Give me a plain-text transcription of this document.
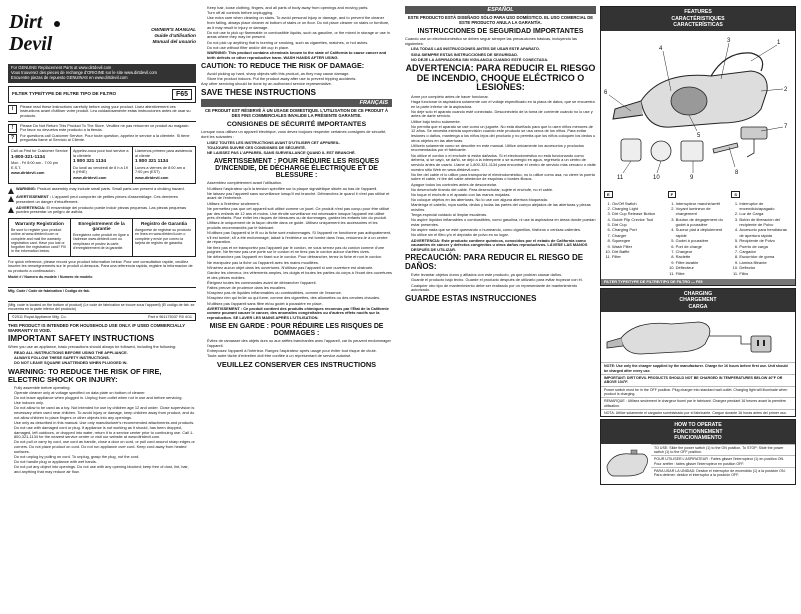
Dirt
Devil
OWNER'S MANUAL
Guide d'utilisation
Manual del usuario
For GENUINE Replacement Parts at www.dirtdevil.com
Vous trouverez des pieces de rechange d'ORIGINE sur le site www.dirtdevil.com
Encuentre piezas de repuesto GENUINAS en www.dirtdevil.com
FILTER TYPE/TYPE DE FILTRE TIPO DE FILTRO	F65
i	Please read these instructions carefully before using your product. Lisez attentivement ces instructions avant d'utiliser votre produit. Lea cuidadosamente estas instrucciones antes de usar su producto.

!	Please Do Not Return This Product To The Store. Veuillez ne pas retourner ce produit au magasin. Por favor no devuelva este producto a la tienda.

?	For questions call Customer Service. Pour toute question, appelez le service a la clientele. Si tiene preguntas llame al Servicio al Cliente.

Call us First for Customer Service

1-800-321-1134

Mon - Fri 8:00 am - 7:00 pm E.S.T.

www.dirtdevil.com

Appelez-nous pour tout service a la clientele

1 800 321 1134

Du lundi au vendredi de 8 h a 19 h (HNE)

www.dirtdevil.com

Llamenos primero para asistencia al cliente

1 800 321 1134

Lunes a viernes de 8:00 am a 7:00 pm (EST)

www.dirtdevil.com

WARNING: Product assembly may include small parts. Small parts can present a choking hazard.

AVERTISSEMENT : L'appareil peut comporter de petites pieces d'assemblage. Ces dernieres presentent un danger d'etouffement.

ADVERTENCIA: El ensamblaje del producto puede incluir piezas pequenas. Las piezas pequenas pueden presentar un peligro de asfixia.

Warranty Registration

Be sure to register your product online at www.dirtdevil.com or complete and mail the warranty registration card. Have you lost or forgotten the registration card? Fill in the information below.

Enregistrement de la garantie

Enregistrez votre produit en ligne a l'adresse www.dirtdevil.com ou remplissez et postez la carte d'enregistrement de la garantie.

Registro de Garantia

Asegurese de registrar su producto en linea en www.dirtdevil.com o complete y envie por correo la tarjeta de registro de garantia.

For quick reference, please record your product information below. Pour une consultation rapide, veuillez inscrire les renseignements sur le produit ci-dessous. Para una referencia rapida, registre la informacion de su producto a continuacion.

Model # / Numero du modele / Numero de modelo

Mfg. Code / Code de fabrication / Codigo de fab.

(Mfg. code is located on the bottom of product) (Le code de fabrication se trouve sous l'appareil) (El codigo de fab. se encuentra en la parte inferior del producto)

©2011 Royal Appliance Mfg. Co.	Part # 961175037 R0 4/11

THIS PRODUCT IS INTENDED FOR HOUSEHOLD USE ONLY. IF USED COMMERCIALLY WARRANTY IS VOID.

IMPORTANT SAFETY INSTRUCTIONS

When you use an appliance, basic precautions should always be followed, including the following:

• READ ALL INSTRUCTIONS BEFORE USING THE APPLIANCE.
• ALWAYS FOLLOW THESE SAFETY INSTRUCTIONS.
• DO NOT LEAVE SQUARE UNATTENDED WHEN PLUGGED IN.
WARNING: TO REDUCE THE RISK OF FIRE, ELECTRIC SHOCK OR INJURY:
• Fully assemble before operating.
• Operate cleaner only at voltage specified on data plate on bottom of cleaner.
• Do not leave appliance when plugged in. Unplug from outlet when not in use and before servicing.
• Use indoors only.
• Do not allow to be used as a toy. Not intended for use by children age 12 and under. Close supervision is necessary when used near children. To avoid injury or damage, keep children away from product, and do not allow children to place fingers or other objects into any openings.
• Use only as described in this manual. Use only manufacturer's recommended attachments and products.
• Do not use with damaged cord or plug. If appliance is not working as it should, has been dropped, damaged, left outdoors, or dropped into water, return it to a service center prior to continuing use. Call 1-800-321-1134 for the nearest service center or visit our website at www.dirtdevil.com.
• Do not pull or carry by cord, use cord as handle, close a door on cord, or pull cord around sharp edges or corners. Do not place product on cord. Do not run appliance over cord. Keep cord away from heated surfaces.
• Do not unplug by pulling on cord. To unplug, grasp the plug, not the cord.
• Do not handle plug or appliance with wet hands.
• Do not put any object into openings. Do not use with any opening blocked; keep free of dust, lint, hair, and anything that may reduce air flow.
• Keep hair, loose clothing, fingers, and all parts of body away from openings and moving parts.
• Turn off all controls before unplugging.
• Use extra care when cleaning on stairs. To avoid personal injury or damage, and to prevent the cleaner from falling, always place cleaner at bottom of stairs or on floor. Do not place cleaner on stairs or furniture, as it may result in injury or damage.
• Do not use to pick up flammable or combustible liquids, such as gasoline, or the mixed in storage or use in areas where they may be present.
• Do not pick up anything that is burning or smoking, such as cigarettes, matches, or hot ashes.
• Do not use without filter and/or dirt cup in place.
• WARNING: This product contains chemicals known to the state of California to cause cancer and birth defects or other reproductive harm. WASH HANDS AFTER USING.
CAUTION: TO REDUCE THE RISK OF DAMAGE:
• Avoid picking up hard, sharp objects with this product, as they may cause damage.
• Store the product indoors. Put the product away after use to prevent tripping accidents.

Any other servicing should be done by an authorized service representative.

SAVE THESE INSTRUCTIONS
FRANÇAIS

CE PRODUIT EST RÉSERVÉ À UN USAGE DOMESTIQUE. L'UTILISATION DE CE PRODUIT À DES FINS COMMERCIALES INVALIDE LA PRÉSENTE GARANTIE.

CONSIGNES DE SÉCURITÉ IMPORTANTES

Lorsque vous utilisez un appareil électrique, vous devez toujours respecter certaines consignes de sécurité, dont les suivantes :

• LISEZ TOUTES LES INSTRUCTIONS AVANT D'UTILISER CET APPAREIL.
• TOUJOURS SUIVRE CES CONSIGNES DE SÉCURITÉ.
• NE LAISSEZ PAS L'APPAREIL SANS SURVEILLANCE QUAND IL EST BRANCHÉ.
AVERTISSEMENT : POUR RÉDUIRE LES RISQUES D'INCENDIE, DE DÉCHARGE ÉLECTRIQUE ET DE BLESSURE :
• Assemblez complètement avant l'utilisation.
• N'utilisez l'aspirateur qu'à la tension spécifiée sur la plaque signalétique située au bas de l'appareil.
• Ne laissez pas l'appareil sans surveillance lorsqu'il est branché. Débranchez-le quand il n'est pas utilisé et avant de l'entretenir.
• Utilisez à l'intérieur seulement.
• Ne permettez pas que cet appareil soit utilisé comme un jouet. Ce produit n'est pas conçu pour être utilisé par des enfants de 12 ans et moins. Une étroite surveillance est nécessaire lorsque l'appareil est utilisé près d'enfants. Pour éviter les risques de blessures ou de dommages, gardez les enfants loin du produit.
• Utilisez-le uniquement de la façon décrite dans ce guide. Utilisez uniquement les accessoires et les produits recommandés par le fabricant.
• N'utilisez pas l'appareil si le fil ou la fiche sont endommagés. Si l'appareil ne fonctionne pas adéquatement, s'il est tombé, s'il a été endommagé, laissé à l'extérieur ou est tombé dans l'eau, retournez-le à un centre de réparation.
• Ne tirez pas et ne transportez pas l'appareil par le cordon, ne vous servez pas du cordon comme d'une poignée. Ne fermez pas une porte sur le cordon et ne tirez pas le cordon autour d'arêtes vives.
• Ne débranchez pas l'appareil en tirant sur le cordon. Pour débrancher, tenez la fiche et non le cordon.
• Ne manipulez pas la fiche ou l'appareil avec les mains mouillées.
• N'insérez aucun objet dans les ouvertures. N'utilisez pas l'appareil si une ouverture est obstruée.
• Gardez les cheveux, les vêtements amples, les doigts et toutes les parties du corps à l'écart des ouvertures et des pièces mobiles.
• Éteignez toutes les commandes avant de débrancher l'appareil.
• Faites preuve de prudence dans les escaliers.
• N'aspirez pas de liquides inflammables ou combustibles, comme de l'essence.
• N'aspirez rien qui brûle ou qui fume, comme des cigarettes, des allumettes ou des cendres chaudes.
• N'utilisez pas l'appareil sans filtre et/ou godet à poussière en place.
• AVERTISSEMENT : Ce produit contient des produits chimiques reconnus par l'État de la Californie comme pouvant causer le cancer, des anomalies congénitales ou d'autres effets nocifs sur la reproduction. SE LAVER LES MAINS APRÈS L'UTILISATION.
MISE EN GARDE : POUR RÉDUIRE LES RISQUES DE DOMMAGES :
• Évitez de ramasser des objets durs ou aux arêtes tranchantes avec l'appareil, car ils peuvent endommager l'appareil.
• Entreposez l'appareil à l'intérieur. Rangez l'aspirateur après usage pour éviter tout risque de chute.
• Toute autre tâche d'entretien doit être confiée à un représentant de service autorisé.
VEUILLEZ CONSERVER CES INSTRUCTIONS
ESPAÑOL

ESTE PRODUCTO ESTÁ DISEÑADO SÓLO PARA USO DOMÉSTICO. EL USO COMERCIAL DE ESTE PRODUCTO ANULA LA GARANTÍA.

INSTRUCCIONES DE SEGURIDAD IMPORTANTES

Cuando use un electrodoméstico se deben seguir siempre las precauciones básicas, incluyendo las siguientes:

• LEA TODAS LAS INSTRUCCIONES ANTES DE USAR ESTE APARATO.
• SIGA SIEMPRE ESTAS INSTRUCCIONES DE SEGURIDAD.
• NO DEJE LA ASPIRADORA SIN VIGILANCIA CUANDO ESTÉ CONECTADA.
ADVERTENCIA: PARA REDUCIR EL RIESGO DE INCENDIO, CHOQUE ELÉCTRICO O LESIONES:
• Arme por completo antes de hacer funcionar.
• Haga funcionar la aspiradora solamente con el voltaje especificado en la placa de datos, que se encuentra en la parte inferior de la aspiradora.
• No deje solo el aparato cuando esté conectado. Desconéctelo de la toma de corriente cuando no lo use y antes de darle servicio.
• Utilice bajo techo solamente.
• No permita que el aparato se use como un juguete. No está diseñado para que lo usen niños menores de 12 años. Se necesita estricta supervisión cuando este producto se usa cerca de los niños. Para evitar lesiones o daños, mantenga a los niños lejos del producto y no permita que los niños coloquen los dedos u otros objetos en las aberturas.
• Utilícelo solamente como se describe en este manual. Utilice únicamente los accesorios y productos recomendados por el fabricante.
• No utilice el cordón o el enchufe si están dañados. Si el electrodoméstico no está funcionando como debería, si se cayó, se dañó, se dejó a la intemperie o se sumergió en agua, regréselo a un centro de servicio antes de usarlo. Llame al 1-800-321-1134 para encontrar el centro de servicio más cercano o visite nuestro sitio Web en www.dirtdevil.com.
• No tire del cable ni lo utilice para transportar el electrodoméstico, no lo utilice como asa, no cierre la puerta sobre el cable, ni tire del cable alrededor de esquinas o bordes filosos.
• Apague todos los controles antes de desconectar.
• No desenchufe tirando del cable. Para desenchufar, sujete el enchufe, no el cable.
• No toque el enchufe o el aparato con las manos mojadas.
• No coloque objetos en las aberturas. No lo use con alguna abertura bloqueada.
• Mantenga el cabello, ropa suelta, dedos y todas las partes del cuerpo alejados de las aberturas y piezas móviles.
• Tenga especial cuidado al limpiar escaleras.
• No aspire líquidos inflamables o combustibles, como gasolina, ni use la aspiradora en áreas donde puedan estar presentes.
• No aspire nada que se esté quemando o humeando, como cigarrillos, fósforos o cenizas calientes.
• No utilice sin el filtro y/o el depósito de polvo en su lugar.
• ADVERTENCIA: Este producto contiene químicos, conocidos por el estado de California como causantes de cáncer y defectos congénitos u otros daños reproductivos. LÁVESE LAS MANOS DESPUÉS DE UTILIZAR.
PRECAUCIÓN: PARA REDUCIR EL RIESGO DE DAÑOS:
• Evite levantar objetos duros y afilados con este producto, ya que podrían causar daños.
• Guarde el producto bajo techo. Guarde el producto después de utilizarlo para evitar tropezar con él.
• Cualquier otro tipo de mantenimiento debe ser realizado por un representante de mantenimiento autorizado.
GUARDE ESTAS INSTRUCCIONES
FEATURES
CARACTÉRISTIQUES
CARACTERÍSTICAS
1
2
3
4
5
6
7
8
9
10
11
E
1. On/Off Switch
2. Charging Light
3. Dirt Cup Release Button
4. Guide Flip Crevice Tool
5. Dirt Cup
6. Charging Port
7. Charger
8. Squeegee
9. Wash Filter
10. Dirt Baffle
11. Filter
F
1. Interrupteur marche/arrêt
2. Voyant lumineux de chargement
3. Bouton de dégagement du godet à poussière
4. Suceur plat à déploiement rapide
5. Godet à poussière
6. Port de charge
7. Chargeur
8. Raclette
9. Filtre lavable
10. Déflecteur
11. Filtre
S
1. Interruptor de encendido/apagado
2. Luz de Carga
3. Botón de liberación del recipiente de Polvo
4. Accesorio para hendiduras de apertura rápida
5. Recipiente de Polvo
6. Puerto de carga
7. Cargador
8. Escurridor de goma
9. Lámina filtrante
10. Deflector
11. Filtro
FILTER TYPE/TYPE DE FILTRE/TIPO DE FILTRO — F65
CHARGING
CHARGEMENT
CARGA

NOTE: Use only the charger supplied by the manufacturer. Charge for 16 hours before first use. Unit should be charged after every use.

IMPORTANT: DIRT DEVIL PRODUCTS SHOULD NOT BE CHARGED IN TEMPERATURES BELOW 40°F OR ABOVE 104°F.

Power switch must be in the OFF position. Plug charger into standard wall outlet. Charging light will illuminate when product is charging.

REMARQUE : Utilisez seulement le chargeur fourni par le fabricant. Chargez pendant 16 heures avant la première utilisation.

NOTA: Utilice solamente el cargador suministrado por el fabricante. Cargue durante 16 horas antes del primer uso.

HOW TO OPERATE
FONCTIONNEMENT
FUNCIONAMIENTO

TO USE: Slide the power switch (1) to the ON position. To STOP: Slide the power switch (1) to the OFF position.

POUR UTILISER L'ASPIRATEUR : Faites glisser l'interrupteur (1) en position ON. Pour arrêter : faites glisser l'interrupteur en position OFF.

PARA USAR LA UNIDAD: Deslice el interruptor de encendido (1) a la posición ON. Para detener: deslice el interruptor a la posición OFF.
